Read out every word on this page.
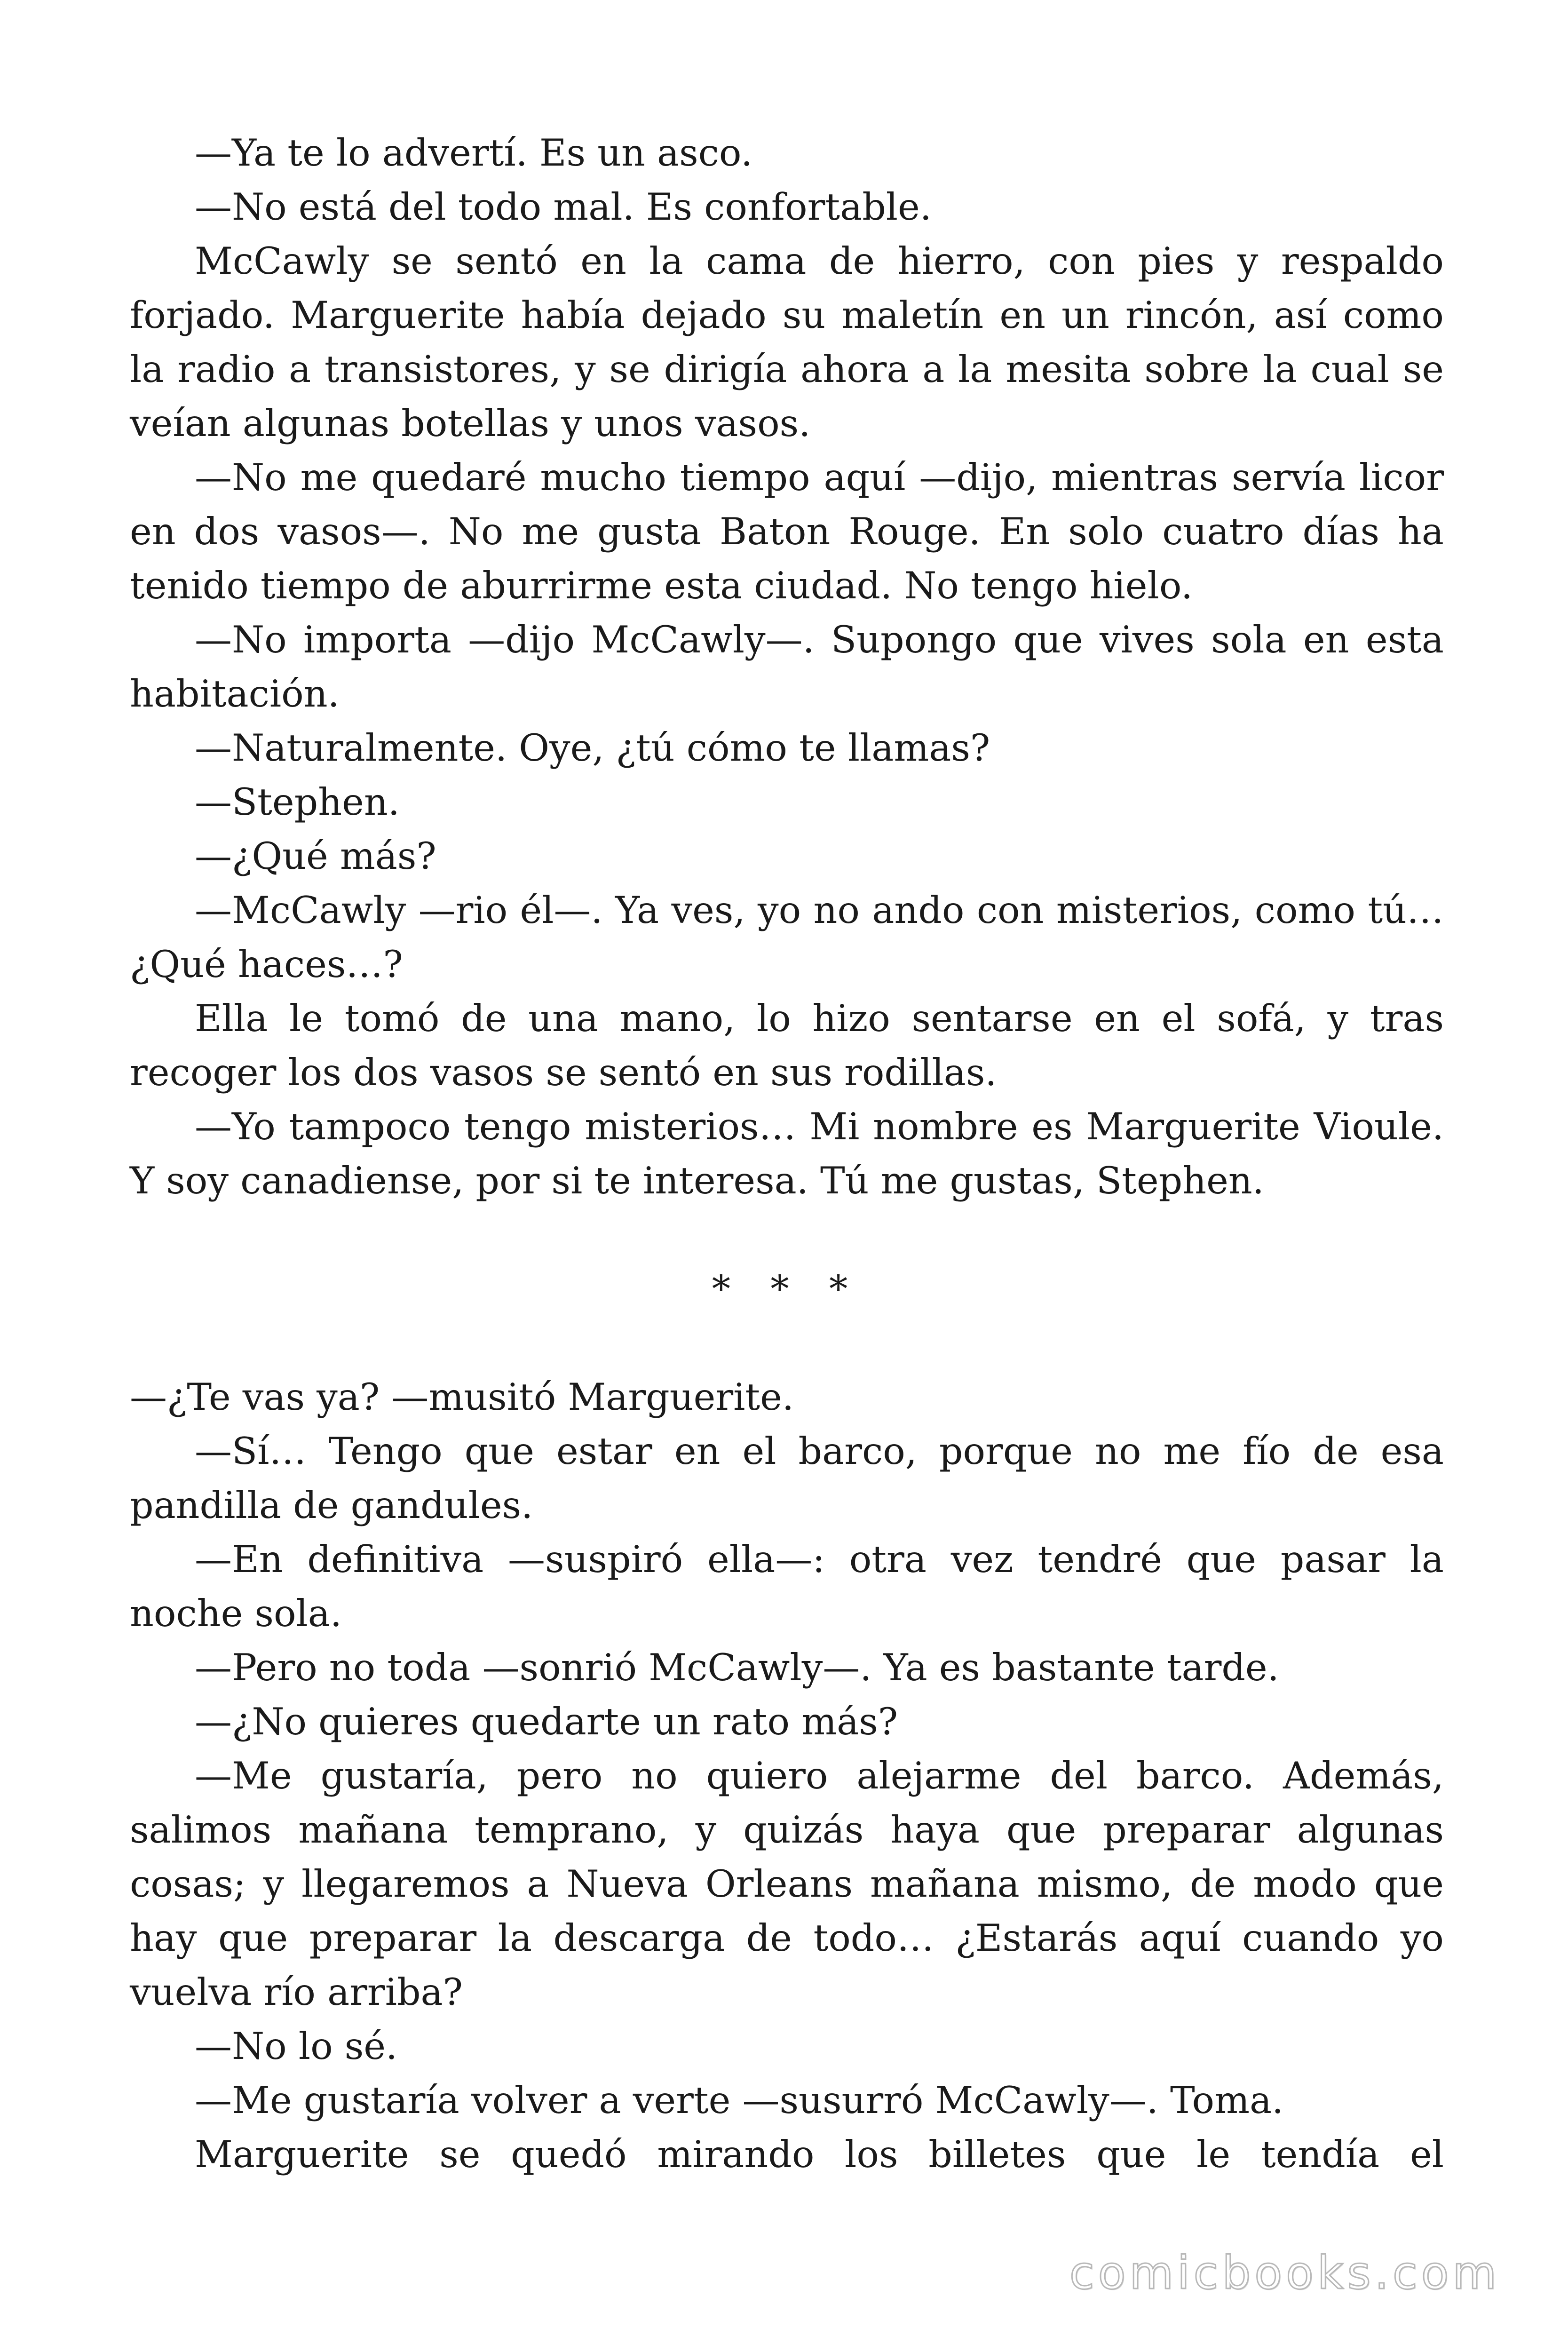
—Ya te lo advertí. Es un asco.

—No está del todo mal. Es confortable.

McCawly se sentó en la cama de hierro, con pies y respaldo forjado. Marguerite había dejado su maletín en un rincón, así como la radio a transistores, y se dirigía ahora a la mesita sobre la cual se veían algunas botellas y unos vasos.

—No me quedaré mucho tiempo aquí —dijo, mientras servía licor en dos vasos—. No me gusta Baton Rouge. En solo cuatro días ha tenido tiempo de aburrirme esta ciudad. No tengo hielo.

—No importa —dijo McCawly—. Supongo que vives sola en esta habitación.

—Naturalmente. Oye, ¿tú cómo te llamas?

—Stephen.

—¿Qué más?

—McCawly —rio él—. Ya ves, yo no ando con misterios, como tú… ¿Qué haces…?

Ella le tomó de una mano, lo hizo sentarse en el sofá, y tras recoger los dos vasos se sentó en sus rodillas.

—Yo tampoco tengo misterios… Mi nombre es Marguerite Vioule. Y soy canadiense, por si te interesa. Tú me gustas, Stephen.

* * *

—¿Te vas ya? —musitó Marguerite.

—Sí… Tengo que estar en el barco, porque no me fío de esa pandilla de gandules.

—En definitiva —suspiró ella—: otra vez tendré que pasar la noche sola.

—Pero no toda —sonrió McCawly—. Ya es bastante tarde.

—¿No quieres quedarte un rato más?

—Me gustaría, pero no quiero alejarme del barco. Además, salimos mañana temprano, y quizás haya que preparar algunas cosas; y llegaremos a Nueva Orleans mañana mismo, de modo que hay que preparar la descarga de todo… ¿Estarás aquí cuando yo vuelva río arriba?

—No lo sé.

—Me gustaría volver a verte —susurró McCawly—. Toma.

Marguerite se quedó mirando los billetes que le tendía el

comicbooks.com
